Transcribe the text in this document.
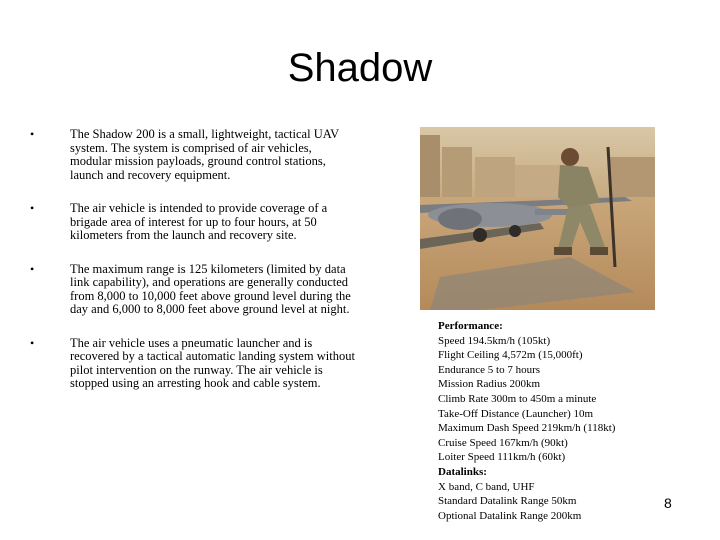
Shadow
•	The Shadow 200 is a small, lightweight, tactical UAV system. The system is comprised of air vehicles, modular mission payloads, ground control stations, launch and recovery equipment.
•	The air vehicle is intended to provide coverage of a brigade area of interest for up to four hours, at 50 kilometers from the launch and recovery site.
•	The maximum range is 125 kilometers (limited by data link capability), and operations are generally conducted from 8,000 to 10,000 feet above ground level during the day and 6,000 to 8,000 feet above ground level at night.
•	The air vehicle uses a pneumatic launcher and is recovered by a tactical automatic landing system without pilot intervention on the runway. The air vehicle is stopped using an arresting hook and cable system.
Performance:
Speed 194.5km/h (105kt)
Flight Ceiling 4,572m (15,000ft)
Endurance 5 to 7 hours
Mission Radius 200km
Climb Rate 300m to 450m a minute
Take-Off Distance (Launcher) 10m
Maximum Dash Speed 219km/h (118kt)
Cruise Speed 167km/h (90kt)
Loiter Speed 111km/h (60kt)
Datalinks:
X band, C band, UHF
Standard Datalink Range 50km
Optional Datalink Range 200km
8
